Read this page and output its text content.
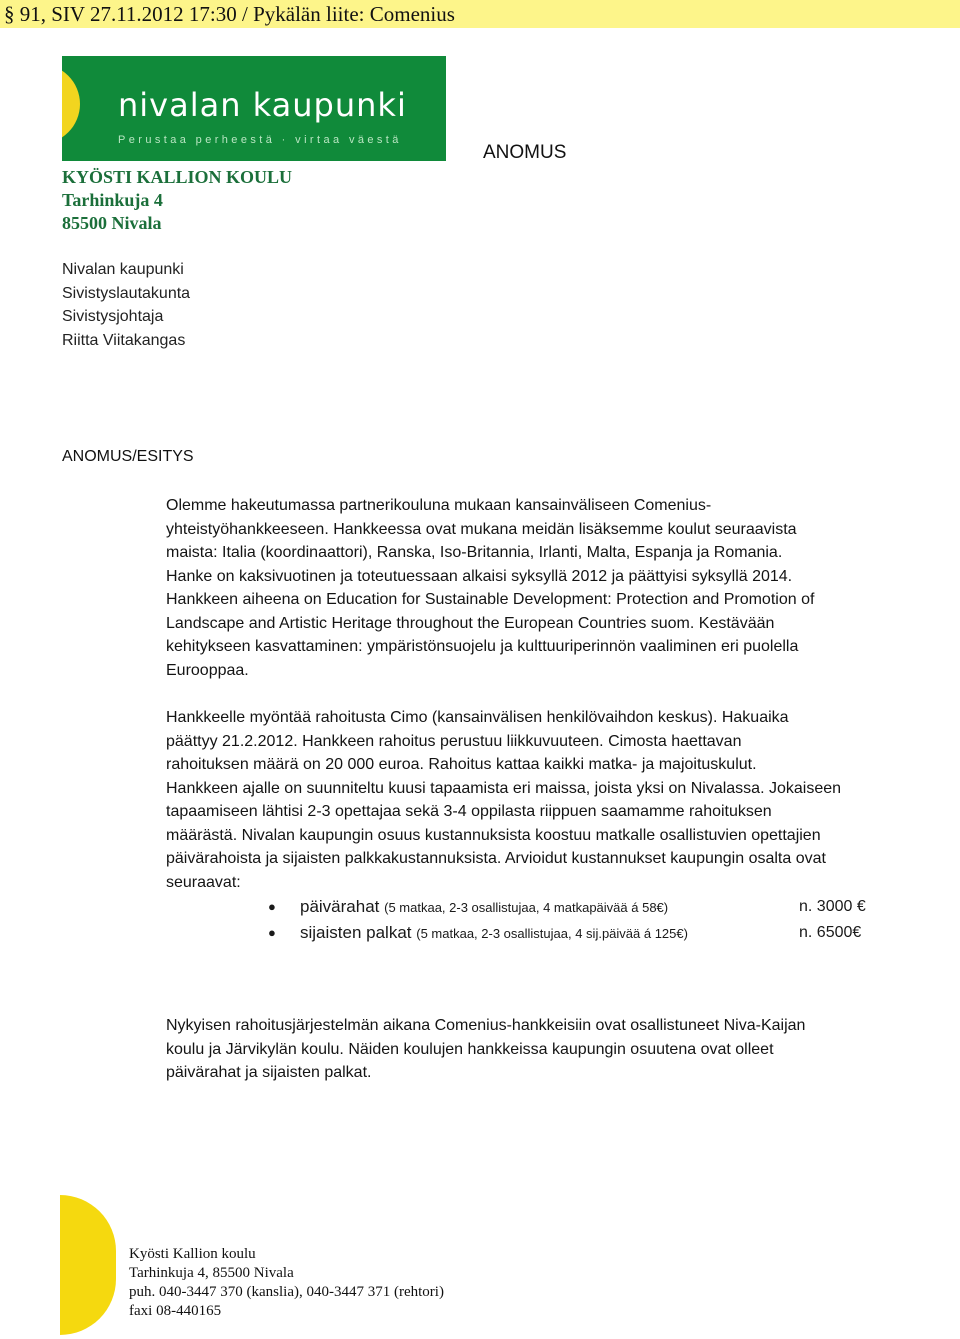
§ 91, SIV 27.11.2012 17:30 / Pykälän liite: Comenius
nivalan kaupunki
Perustaa perheestä · virtaa väestä
ANOMUS
KYÖSTI KALLION KOULU
Tarhinkuja 4
85500 Nivala
Nivalan kaupunki
Sivistyslautakunta
Sivistysjohtaja
Riitta Viitakangas
ANOMUS/ESITYS

Olemme hakeutumassa partnerikouluna mukaan kansainväliseen Comenius-

yhteistyöhankkeeseen. Hankkeessa ovat mukana meidän lisäksemme koulut seuraavista

maista: Italia (koordinaattori), Ranska, Iso-Britannia, Irlanti, Malta, Espanja ja Romania.

Hanke on kaksivuotinen ja toteutuessaan alkaisi syksyllä 2012 ja päättyisi syksyllä 2014.

Hankkeen aiheena on Education for Sustainable Development: Protection and Promotion of

Landscape and Artistic Heritage throughout the European Countries suom. Kestävään

kehitykseen kasvattaminen: ympäristönsuojelu ja kulttuuriperinnön vaaliminen eri puolella

Eurooppaa.

Hankkeelle myöntää rahoitusta Cimo (kansainvälisen henkilövaihdon keskus). Hakuaika

päättyy 21.2.2012. Hankkeen rahoitus perustuu liikkuvuuteen. Cimosta haettavan

rahoituksen määrä on 20 000 euroa. Rahoitus kattaa kaikki matka- ja majoituskulut.

Hankkeen ajalle on suunniteltu kuusi tapaamista eri maissa, joista yksi on Nivalassa. Jokaiseen

tapaamiseen lähtisi 2-3 opettajaa sekä 3-4 oppilasta riippuen saamamme rahoituksen

määrästä. Nivalan kaupungin osuus kustannuksista koostuu matkalle osallistuvien opettajien

päivärahoista ja sijaisten palkkakustannuksista. Arvioidut kustannukset kaupungin osalta ovat

seuraavat:

● päivärahat (5 matkaa, 2-3 osallistujaa, 4 matkapäivää á 58€)	n. 3000 €
● sijaisten palkat (5 matkaa, 2-3 osallistujaa, 4 sij.päivää á 125€)	n. 6500€

Nykyisen rahoitusjärjestelmän aikana Comenius-hankkeisiin ovat osallistuneet Niva-Kaijan

koulu ja Järvikylän koulu. Näiden koulujen hankkeissa kaupungin osuutena ovat olleet

päivärahat ja sijaisten palkat.

Kyösti Kallion koulu
Tarhinkuja 4, 85500 Nivala
puh. 040-3447 370 (kanslia), 040-3447 371 (rehtori)
faxi 08-440165
